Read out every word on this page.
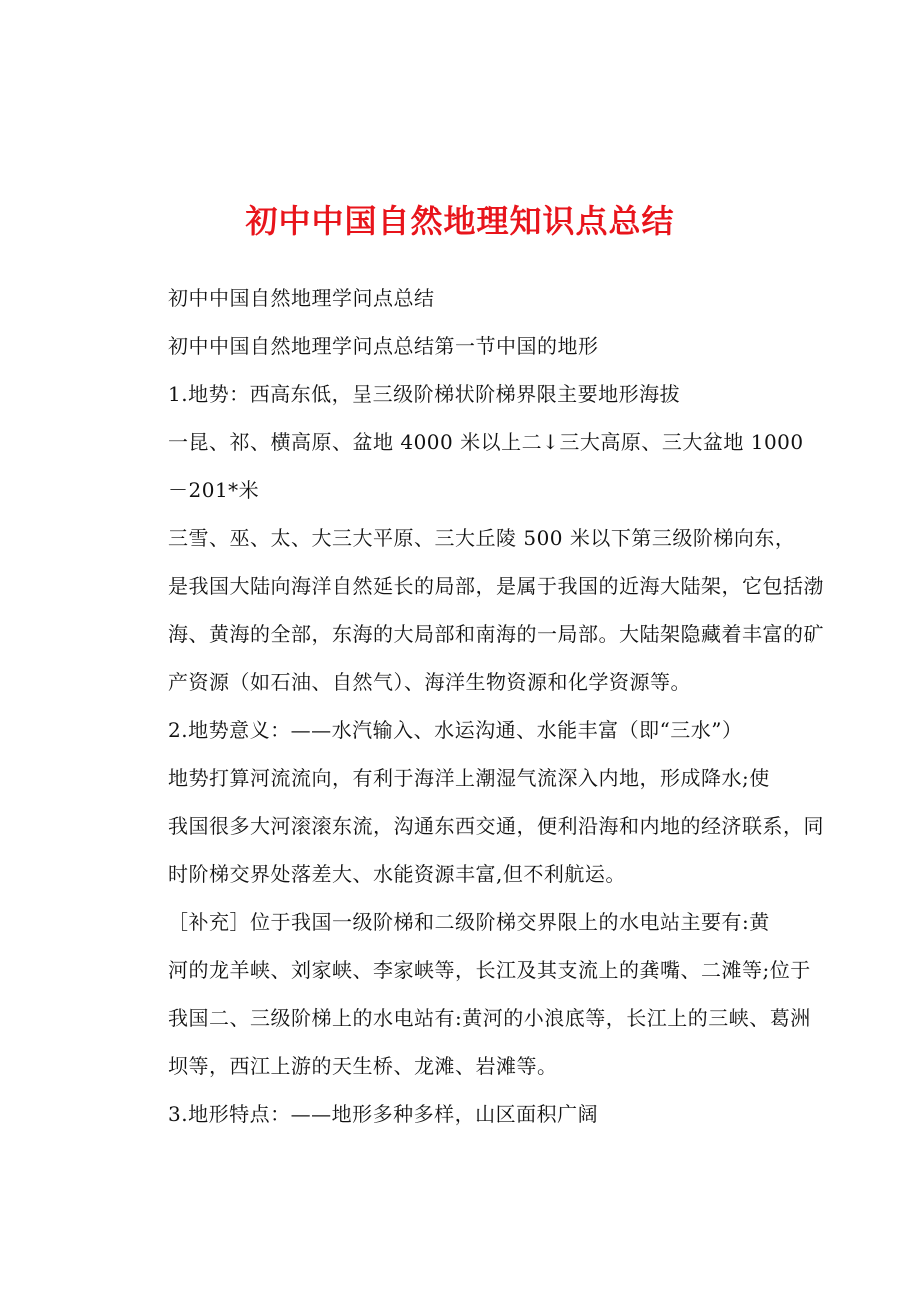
初中中国自然地理知识点总结
初中中国自然地理学问点总结
初中中国自然地理学问点总结第一节中国的地形
1.地势：西高东低，呈三级阶梯状阶梯界限主要地形海拔
一昆、祁、横高原、盆地 4000 米以上二↓三大高原、三大盆地 1000
－201*米
三雪、巫、太、大三大平原、三大丘陵 500 米以下第三级阶梯向东，
是我国大陆向海洋自然延长的局部，是属于我国的近海大陆架，它包括渤
海、黄海的全部，东海的大局部和南海的一局部。大陆架隐藏着丰富的矿
产资源（如石油、自然气）、海洋生物资源和化学资源等。
2.地势意义：——水汽输入、水运沟通、水能丰富（即“三水”）
地势打算河流流向，有利于海洋上潮湿气流深入内地，形成降水;使
我国很多大河滚滚东流，沟通东西交通，便利沿海和内地的经济联系，同
时阶梯交界处落差大、水能资源丰富,但不利航运。
［补充］位于我国一级阶梯和二级阶梯交界限上的水电站主要有:黄
河的龙羊峡、刘家峡、李家峡等，长江及其支流上的龚嘴、二滩等;位于
我国二、三级阶梯上的水电站有:黄河的小浪底等，长江上的三峡、葛洲
坝等，西江上游的天生桥、龙滩、岩滩等。
3.地形特点：——地形多种多样，山区面积广阔
